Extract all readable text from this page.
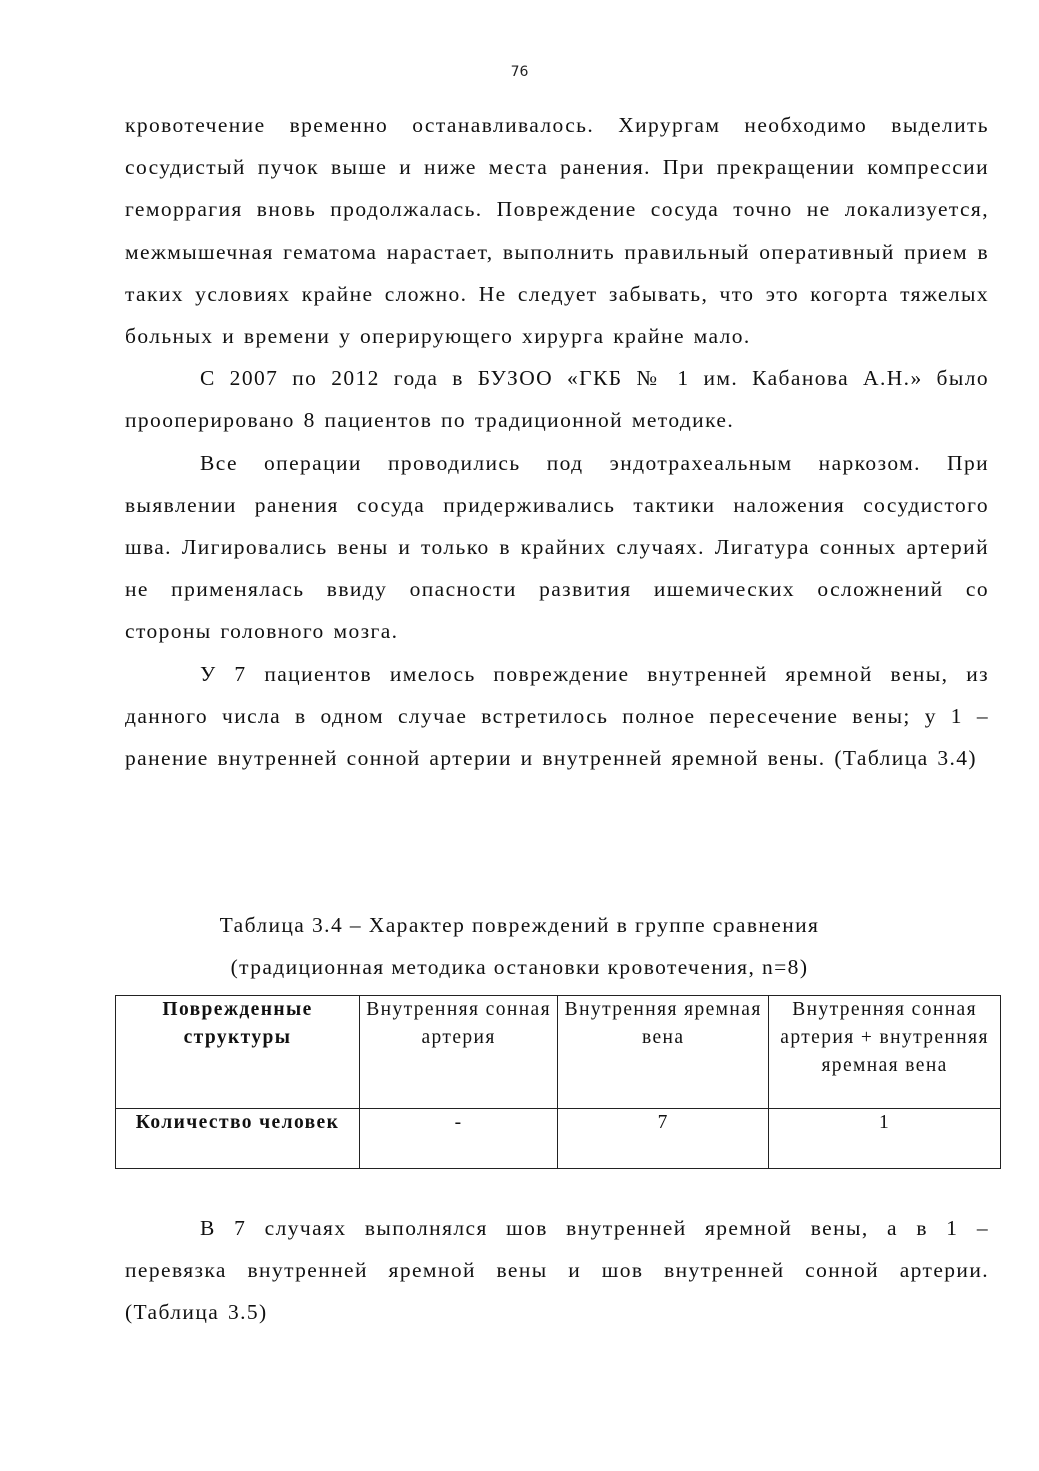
76

кровотечение временно останавливалось. Хирургам необходимо выделить сосудистый пучок выше и ниже места ранения. При прекращении компрессии геморрагия вновь продолжалась. Повреждение сосуда точно не локализуется, межмышечная гематома нарастает, выполнить правильный оперативный прием в таких условиях крайне сложно. Не следует забывать, что это когорта тяжелых больных и времени у оперирующего хирурга крайне мало.

С 2007 по 2012 года в БУЗОО «ГКБ № 1 им. Кабанова А.Н.» было прооперировано 8 пациентов по традиционной методике.

Все операции проводились под эндотрахеальным наркозом. При выявлении ранения сосуда придерживались тактики наложения сосудистого шва. Лигировались вены и только в крайних случаях. Лигатура сонных артерий не применялась ввиду опасности развития ишемических осложнений со стороны головного мозга.

У 7 пациентов имелось повреждение внутренней яремной вены, из данного числа в одном случае встретилось полное пересечение вены; у 1 – ранение внутренней сонной артерии и внутренней яремной вены. (Таблица 3.4)

Таблица 3.4 – Характер повреждений в группе сравнения
(традиционная методика остановки кровотечения, n=8)
Поврежденные структуры	Внутренняя сонная артерия	Внутренняя яремная вена	Внутренняя сонная артерия + внутренняя яремная вена
Количество человек	-	7	1

В 7 случаях выполнялся шов внутренней яремной вены, а в 1 – перевязка внутренней яремной вены и шов внутренней сонной артерии. (Таблица 3.5)
